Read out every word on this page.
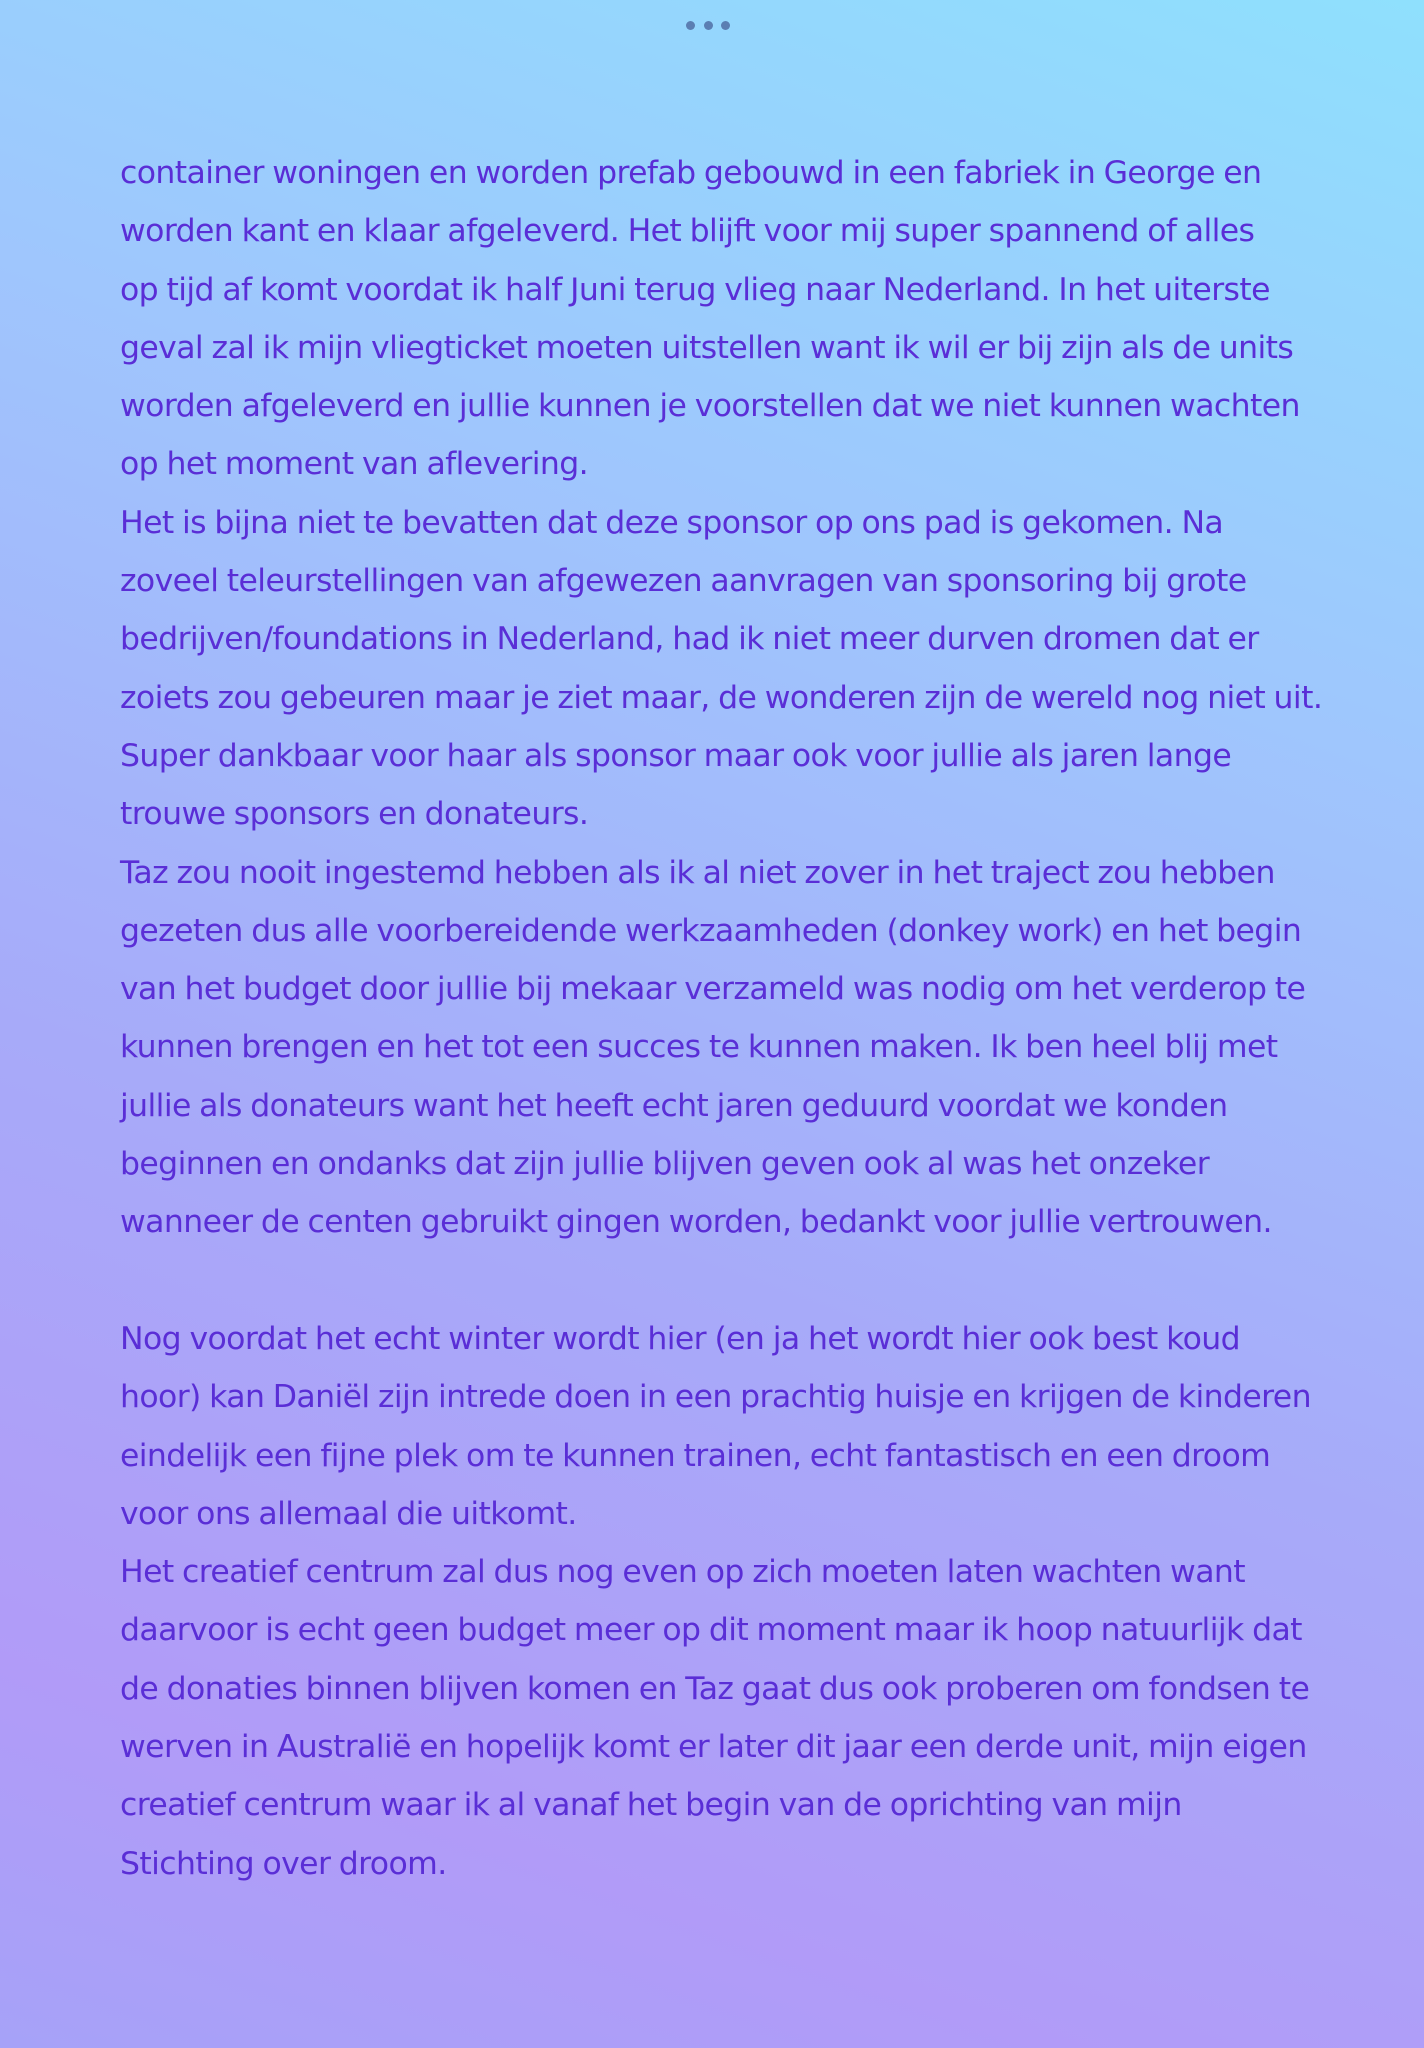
container woningen en worden prefab gebouwd in een fabriek in George en

worden kant en klaar afgeleverd. Het blijft voor mij super spannend of alles

op tijd af komt voordat ik half Juni terug vlieg naar Nederland. In het uiterste

geval zal ik mijn vliegticket moeten uitstellen want ik wil er bij zijn als de units

worden afgeleverd en jullie kunnen je voorstellen dat we niet kunnen wachten

op het moment van aflevering.

Het is bijna niet te bevatten dat deze sponsor op ons pad is gekomen. Na

zoveel teleurstellingen van afgewezen aanvragen van sponsoring bij grote

bedrijven/foundations in Nederland, had ik niet meer durven dromen dat er

zoiets zou gebeuren maar je ziet maar, de wonderen zijn de wereld nog niet uit.

Super dankbaar voor haar als sponsor maar ook voor jullie als jaren lange

trouwe sponsors en donateurs.

Taz zou nooit ingestemd hebben als ik al niet zover in het traject zou hebben

gezeten dus alle voorbereidende werkzaamheden (donkey work) en het begin

van het budget door jullie bij mekaar verzameld was nodig om het verderop te

kunnen brengen en het tot een succes te kunnen maken. Ik ben heel blij met

jullie als donateurs want het heeft echt jaren geduurd voordat we konden

beginnen en ondanks dat zijn jullie blijven geven ook al was het onzeker

wanneer de centen gebruikt gingen worden, bedankt voor jullie vertrouwen.

Nog voordat het echt winter wordt hier (en ja het wordt hier ook best koud

hoor) kan Daniël zijn intrede doen in een prachtig huisje en krijgen de kinderen

eindelijk een fijne plek om te kunnen trainen, echt fantastisch en een droom

voor ons allemaal die uitkomt.

Het creatief centrum zal dus nog even op zich moeten laten wachten want

daarvoor is echt geen budget meer op dit moment maar ik hoop natuurlijk dat

de donaties binnen blijven komen en Taz gaat dus ook proberen om fondsen te

werven in Australië en hopelijk komt er later dit jaar een derde unit, mijn eigen

creatief centrum waar ik al vanaf het begin van de oprichting van mijn

Stichting over droom.
